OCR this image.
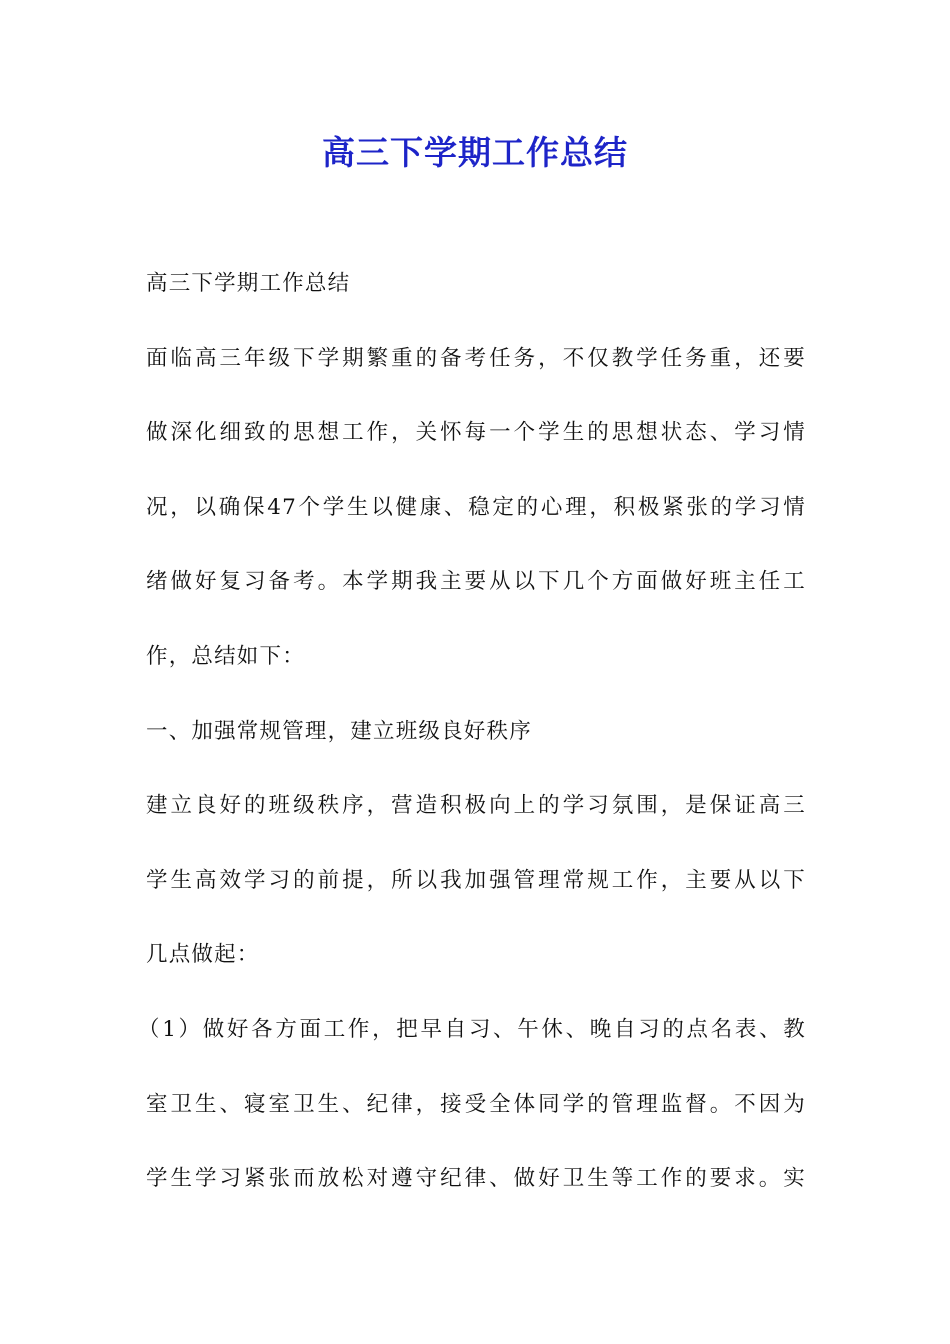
高三下学期工作总结
高三下学期工作总结
面临高三年级下学期繁重的备考任务，不仅教学任务重，还要
做深化细致的思想工作，关怀每一个学生的思想状态、学习情
况，以确保47个学生以健康、稳定的心理，积极紧张的学习情
绪做好复习备考。本学期我主要从以下几个方面做好班主任工
作，总结如下：
一、加强常规管理，建立班级良好秩序
建立良好的班级秩序，营造积极向上的学习氛围，是保证高三
学生高效学习的前提，所以我加强管理常规工作，主要从以下
几点做起：
（1）做好各方面工作，把早自习、午休、晚自习的点名表、教
室卫生、寝室卫生、纪律，接受全体同学的管理监督。不因为
学生学习紧张而放松对遵守纪律、做好卫生等工作的要求。实
